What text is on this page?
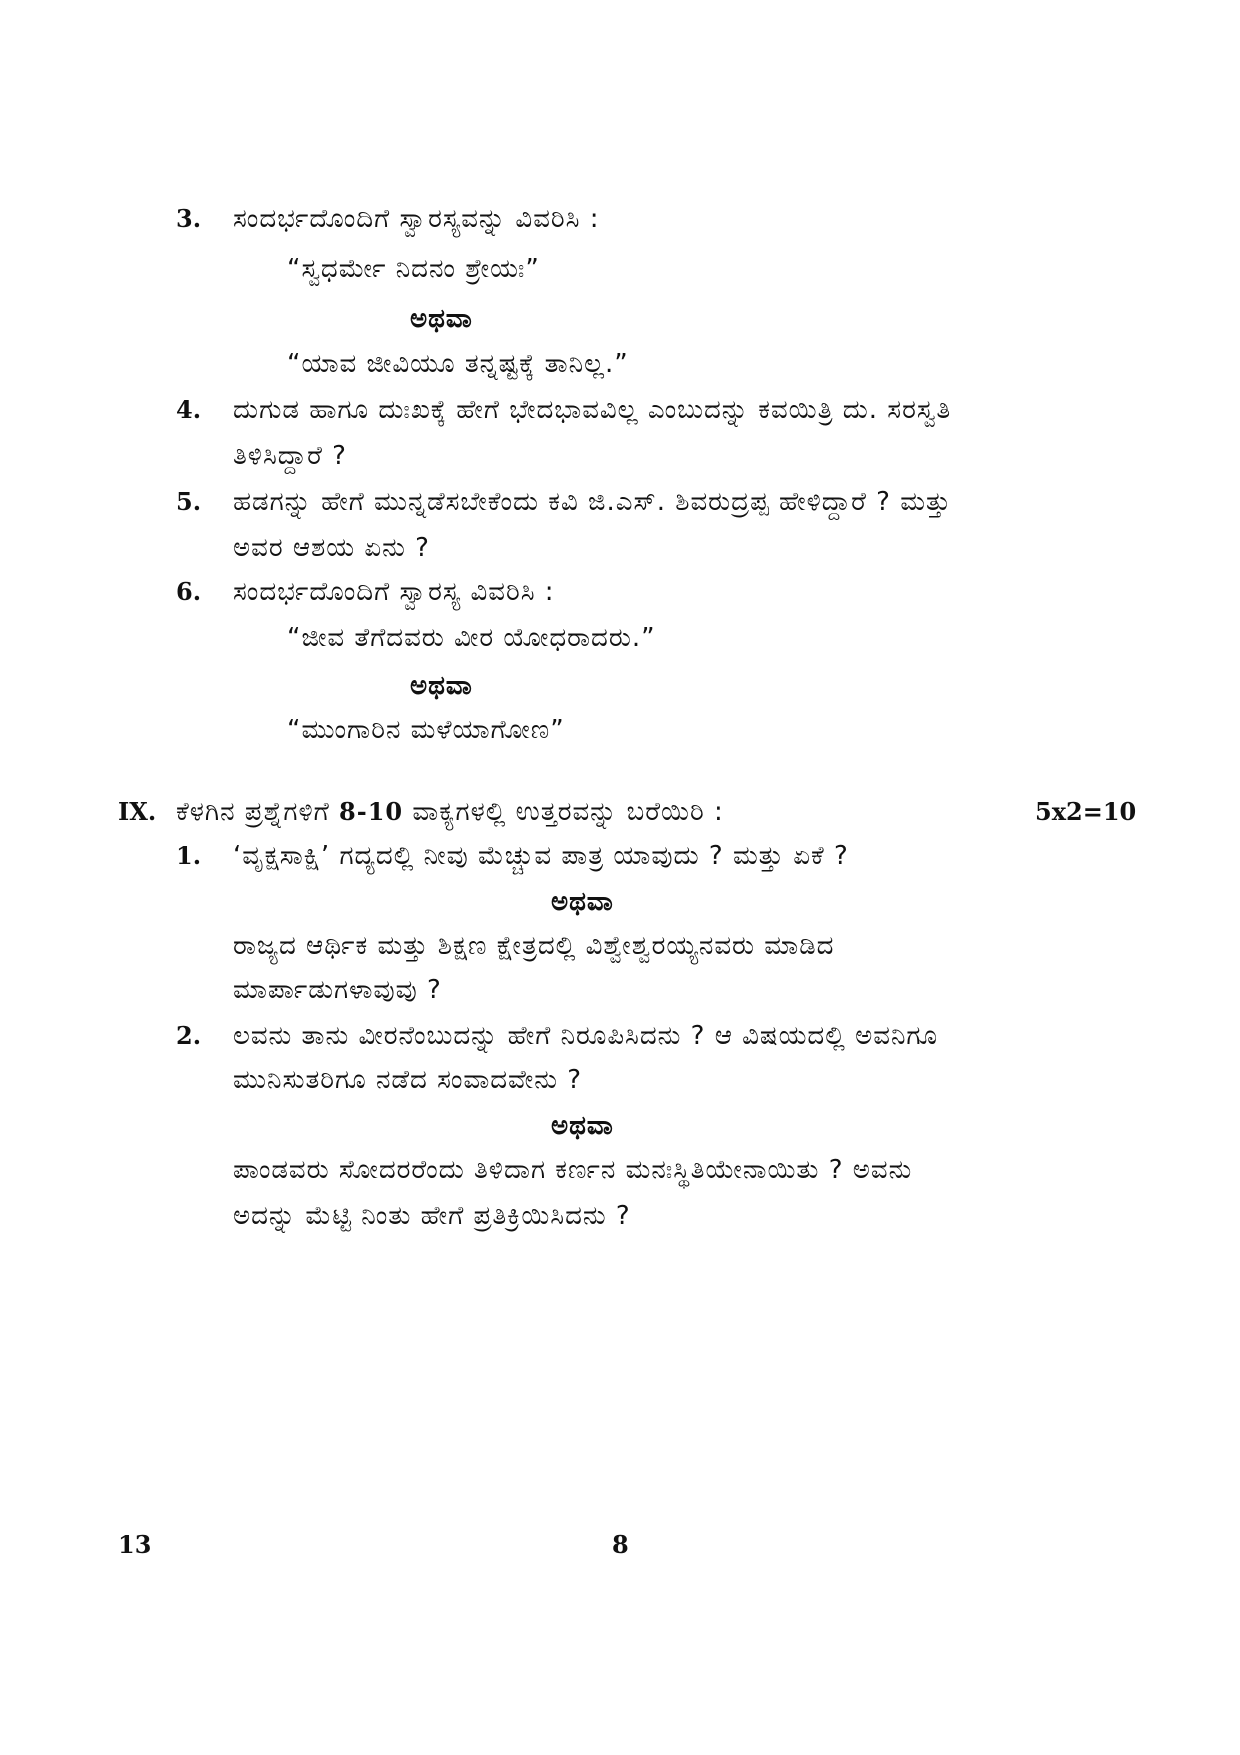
3. ಸಂದರ್ಭದೊಂದಿಗೆ ಸ್ವಾರಸ್ಯವನ್ನು ವಿವರಿಸಿ :
“ಸ್ವಧರ್ಮೇ ನಿದನಂ ಶ್ರೇಯಃ”
ಅಥವಾ
“ಯಾವ ಜೀವಿಯೂ ತನ್ನಷ್ಟಕ್ಕೆ ತಾನಿಲ್ಲ.”
4. ದುಗುಡ ಹಾಗೂ ದುಃಖಕ್ಕೆ ಹೇಗೆ ಭೇದಭಾವವಿಲ್ಲ ಎಂಬುದನ್ನು ಕವಯಿತ್ರಿ ದು. ಸರಸ್ವತಿ
ತಿಳಿಸಿದ್ದಾರೆ ?
5. ಹಡಗನ್ನು ಹೇಗೆ ಮುನ್ನಡೆಸಬೇಕೆಂದು ಕವಿ ಜಿ.ಎಸ್. ಶಿವರುದ್ರಪ್ಪ ಹೇಳಿದ್ದಾರೆ ? ಮತ್ತು
ಅವರ ಆಶಯ ಏನು ?
6. ಸಂದರ್ಭದೊಂದಿಗೆ ಸ್ವಾರಸ್ಯ ವಿವರಿಸಿ :
“ಜೀವ ತೆಗೆದವರು ವೀರ ಯೋಧರಾದರು.”
ಅಥವಾ
“ಮುಂಗಾರಿನ ಮಳೆಯಾಗೋಣ”
IX. ಕೆಳಗಿನ ಪ್ರಶ್ನೆಗಳಿಗೆ 8-10 ವಾಕ್ಯಗಳಲ್ಲಿ ಉತ್ತರವನ್ನು ಬರೆಯಿರಿ :	5x2=10
1. ‘ವೃಕ್ಷಸಾಕ್ಷಿ’ ಗದ್ಯದಲ್ಲಿ ನೀವು ಮೆಚ್ಚುವ ಪಾತ್ರ ಯಾವುದು ? ಮತ್ತು ಏಕೆ ?
ಅಥವಾ
ರಾಜ್ಯದ ಆರ್ಥಿಕ ಮತ್ತು ಶಿಕ್ಷಣ ಕ್ಷೇತ್ರದಲ್ಲಿ ವಿಶ್ವೇಶ್ವರಯ್ಯನವರು ಮಾಡಿದ
ಮಾರ್ಪಾಡುಗಳಾವುವು ?
2. ಲವನು ತಾನು ವೀರನೆಂಬುದನ್ನು ಹೇಗೆ ನಿರೂಪಿಸಿದನು ? ಆ ವಿಷಯದಲ್ಲಿ ಅವನಿಗೂ
ಮುನಿಸುತರಿಗೂ ನಡೆದ ಸಂವಾದವೇನು ?
ಅಥವಾ
ಪಾಂಡವರು ಸೋದರರೆಂದು ತಿಳಿದಾಗ ಕರ್ಣನ ಮನಃಸ್ಥಿತಿಯೇನಾಯಿತು ? ಅವನು
ಅದನ್ನು ಮೆಟ್ಟಿ ನಿಂತು ಹೇಗೆ ಪ್ರತಿಕ್ರಿಯಿಸಿದನು ?
13	8
